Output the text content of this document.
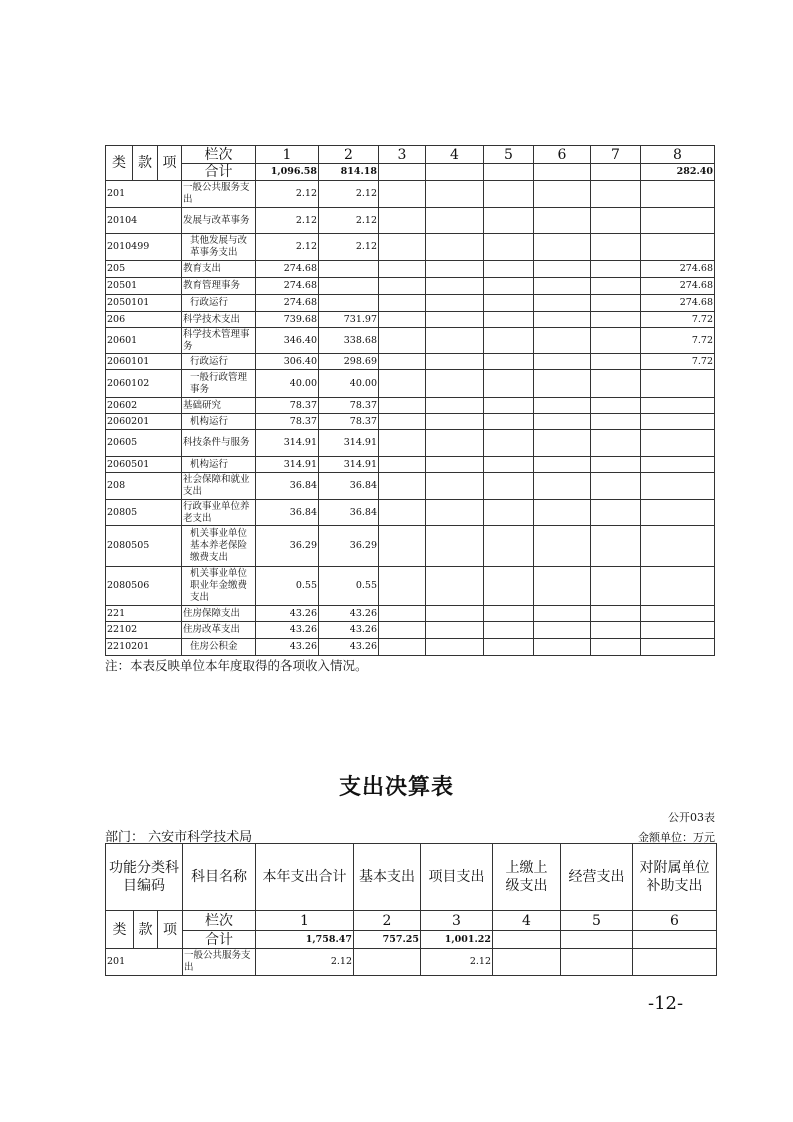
类	款	项	栏次	1	2	3	4	5	6	7	8
			合计	1,096.58	814.18						282.40
201			一般公共服务支出	2.12	2.12						
20104			发展与改革事务	2.12	2.12						
2010499			其他发展与改革事务支出	2.12	2.12						
205			教育支出	274.68							274.68
20501			教育管理事务	274.68							274.68
2050101			行政运行	274.68							274.68
206			科学技术支出	739.68	731.97						7.72
20601			科学技术管理事务	346.40	338.68						7.72
2060101			行政运行	306.40	298.69						7.72
2060102			一般行政管理事务	40.00	40.00						
20602			基础研究	78.37	78.37						
2060201			机构运行	78.37	78.37						
20605			科技条件与服务	314.91	314.91						
2060501			机构运行	314.91	314.91						
208			社会保障和就业支出	36.84	36.84						
20805			行政事业单位养老支出	36.84	36.84						
2080505			机关事业单位基本养老保险缴费支出	36.29	36.29						
2080506			机关事业单位职业年金缴费支出	0.55	0.55						
221			住房保障支出	43.26	43.26						
22102			住房改革支出	43.26	43.26						
2210201			住房公积金	43.26	43.26						
注：本表反映单位本年度取得的各项收入情况。
支出决算表
公开03表
部门： 六安市科学技术局	金额单位：万元
功能分类科目编码			科目名称	本年支出合计	基本支出	项目支出	上缴上级支出	经营支出	对附属单位补助支出
类	款	项	栏次	1	2	3	4	5	6
			合计	1,758.47	757.25	1,001.22			
201			一般公共服务支出	2.12		2.12			
-12-
